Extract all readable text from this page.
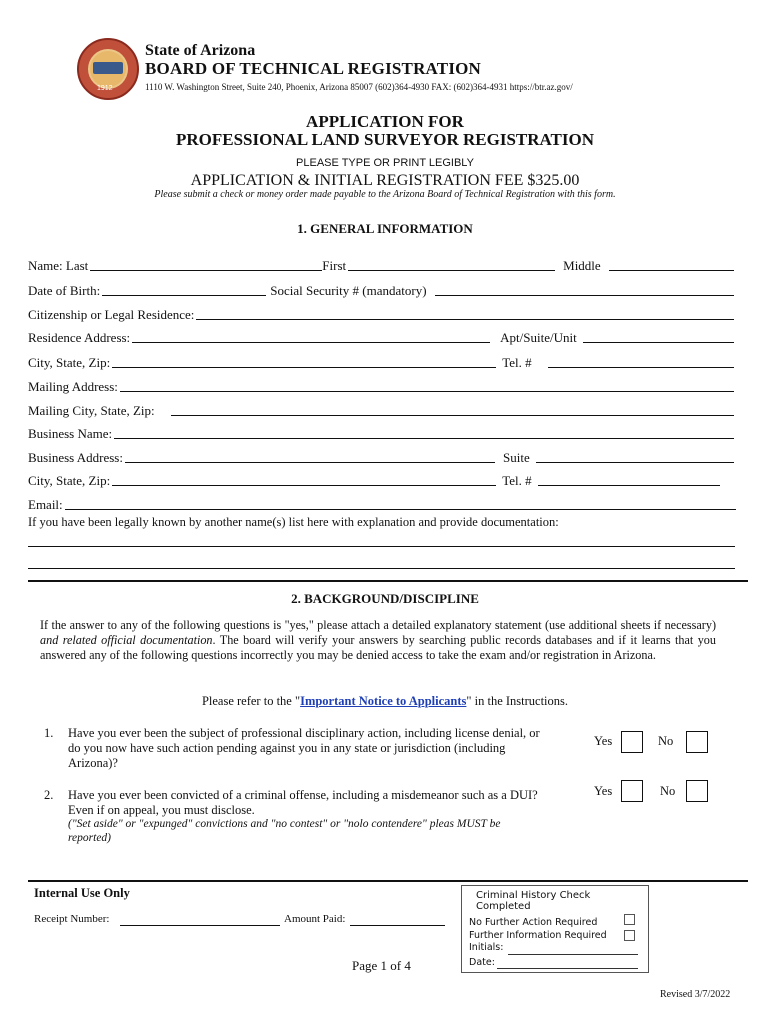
1912
State of Arizona
BOARD OF TECHNICAL REGISTRATION
1110 W. Washington Street, Suite 240, Phoenix, Arizona 85007 (602)364-4930 FAX: (602)364-4931 https://btr.az.gov/
APPLICATION FOR
PROFESSIONAL LAND SURVEYOR REGISTRATION
PLEASE TYPE OR PRINT LEGIBLY
APPLICATION & INITIAL REGISTRATION FEE $325.00
Please submit a check or money order made payable to the Arizona Board of Technical Registration with this form.
1. GENERAL INFORMATION
Name: Last	First	Middle
Date of Birth:	Social Security # (mandatory)
Citizenship or Legal Residence:
Residence Address:	Apt/Suite/Unit
City, State, Zip:	Tel. #
Mailing Address:
Mailing City, State, Zip:
Business Name:
Business Address:	Suite
City, State, Zip:	Tel. #
Email:
If you have been legally known by another name(s) list here with explanation and provide documentation:
2. BACKGROUND/DISCIPLINE
If the answer to any of the following questions is "yes," please attach a detailed explanatory statement (use additional sheets if necessary) and related official documentation. The board will verify your answers by searching public records databases and if it learns that you answered any of the following questions incorrectly you may be denied access to take the exam and/or registration in Arizona.
Please refer to the "Important Notice to Applicants" in the Instructions.
1. Have you ever been the subject of professional disciplinary action, including license denial, or do you now have such action pending against you in any state or jurisdiction (including Arizona)?
Yes	No
2. Have you ever been convicted of a criminal offense, including a misdemeanor such as a DUI? Even if on appeal, you must disclose.
("Set aside" or "expunged" convictions and "no contest" or "nolo contendere" pleas MUST be reported)
Yes	No
Internal Use Only
Receipt Number:	Amount Paid:
Criminal History Check Completed
No Further Action Required
Further Information Required
Initials:
Date:
Page 1 of 4
Revised 3/7/2022
